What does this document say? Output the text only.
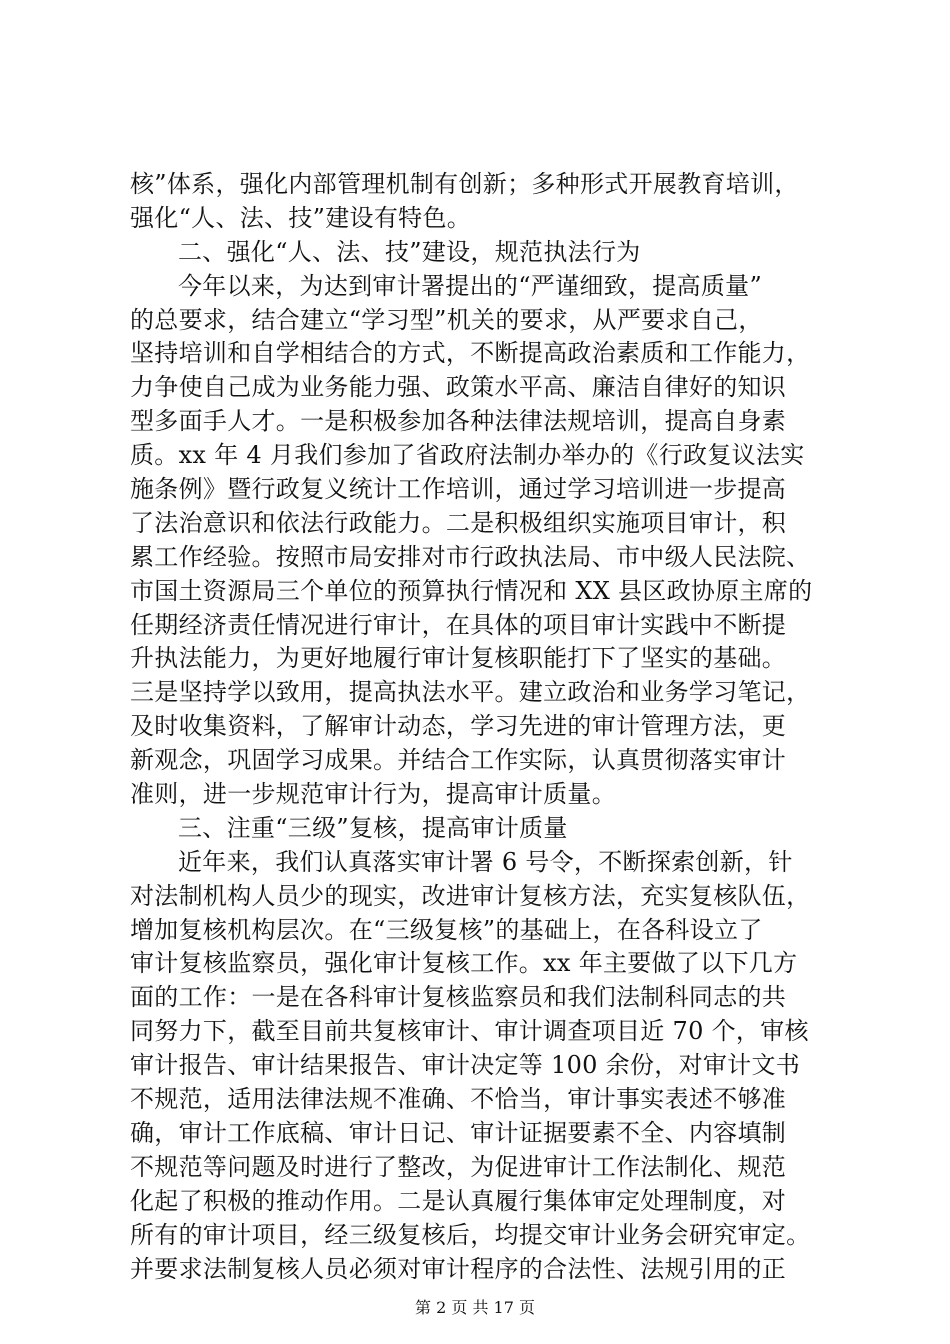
核”体系，强化内部管理机制有创新；多种形式开展教育培训，
强化“人、法、技”建设有特色。
二、强化“人、法、技”建设，规范执法行为
今年以来，为达到审计署提出的“严谨细致，提高质量”
的总要求，结合建立“学习型”机关的要求，从严要求自己，
坚持培训和自学相结合的方式，不断提高政治素质和工作能力，
力争使自己成为业务能力强、政策水平高、廉洁自律好的知识
型多面手人才。一是积极参加各种法律法规培训，提高自身素
质。xx 年 4 月我们参加了省政府法制办举办的《行政复议法实
施条例》暨行政复义统计工作培训，通过学习培训进一步提高
了法治意识和依法行政能力。二是积极组织实施项目审计，积
累工作经验。按照市局安排对市行政执法局、市中级人民法院、
市国土资源局三个单位的预算执行情况和 XX 县区政协原主席的
任期经济责任情况进行审计，在具体的项目审计实践中不断提
升执法能力，为更好地履行审计复核职能打下了坚实的基础。
三是坚持学以致用，提高执法水平。建立政治和业务学习笔记，
及时收集资料，了解审计动态，学习先进的审计管理方法，更
新观念，巩固学习成果。并结合工作实际，认真贯彻落实审计
准则，进一步规范审计行为，提高审计质量。
三、注重“三级”复核，提高审计质量
近年来，我们认真落实审计署 6 号令，不断探索创新，针
对法制机构人员少的现实，改进审计复核方法，充实复核队伍，
增加复核机构层次。在“三级复核”的基础上，在各科设立了
审计复核监察员，强化审计复核工作。xx 年主要做了以下几方
面的工作：一是在各科审计复核监察员和我们法制科同志的共
同努力下，截至目前共复核审计、审计调查项目近 70 个，审核
审计报告、审计结果报告、审计决定等 100 余份，对审计文书
不规范，适用法律法规不准确、不恰当，审计事实表述不够准
确，审计工作底稿、审计日记、审计证据要素不全、内容填制
不规范等问题及时进行了整改，为促进审计工作法制化、规范
化起了积极的推动作用。二是认真履行集体审定处理制度，对
所有的审计项目，经三级复核后，均提交审计业务会研究审定。
并要求法制复核人员必须对审计程序的合法性、法规引用的正
第 2 页 共 17 页
